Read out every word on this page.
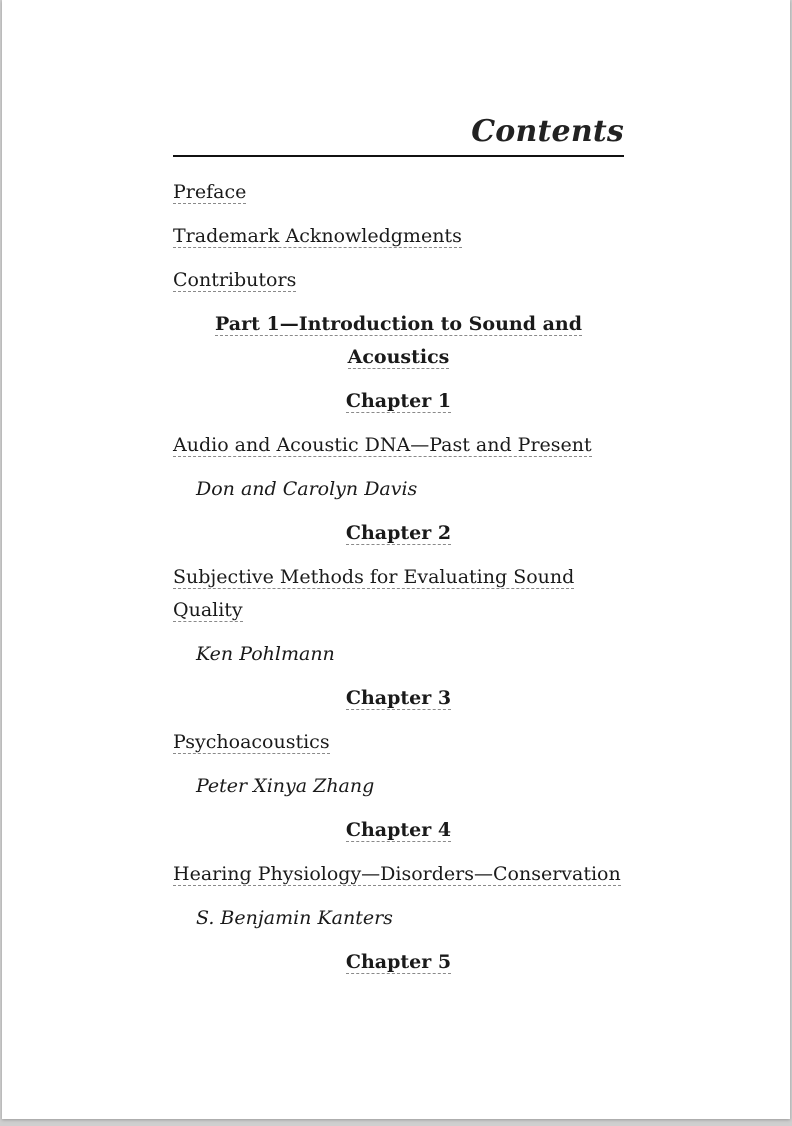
Contents

Preface

Trademark Acknowledgments

Contributors

Part 1—Introduction to Sound and Acoustics

Chapter 1

Audio and Acoustic DNA—Past and Present

Don and Carolyn Davis

Chapter 2

Subjective Methods for Evaluating Sound Quality

Ken Pohlmann

Chapter 3

Psychoacoustics

Peter Xinya Zhang

Chapter 4

Hearing Physiology—Disorders—Conservation

S. Benjamin Kanters

Chapter 5
